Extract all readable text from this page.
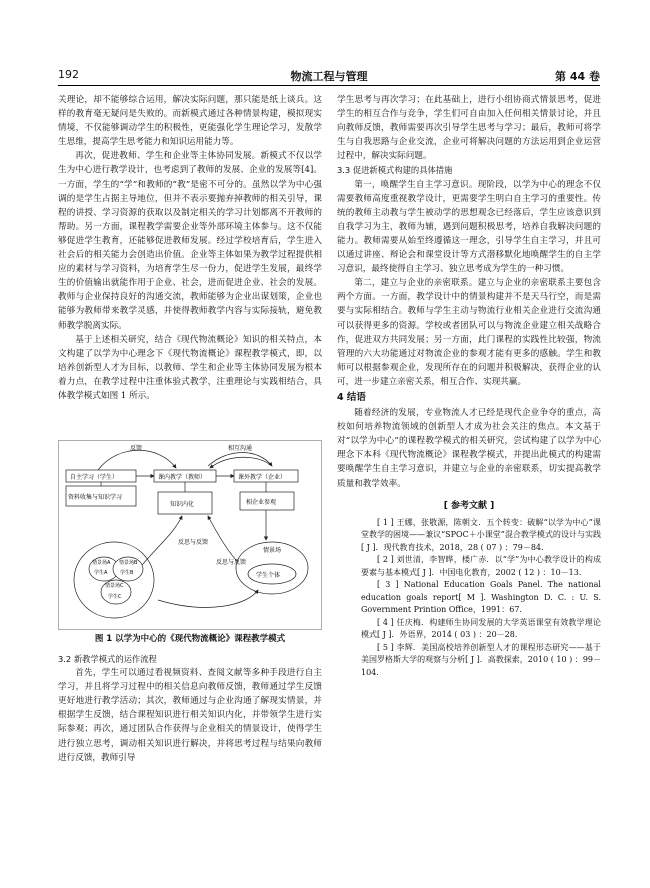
192	物流工程与管理	第 44 卷

关理论，却不能够综合运用，解决实际问题，那只能是纸上谈兵。这样的教育毫无疑问是失败的。而新模式通过各种情景构建，模拟现实情境，不仅能够调动学生的积极性，更能强化学生理论学习，发散学生思维，提高学生思考能力和知识运用能力等。

再次，促进教师、学生和企业等主体协同发展。新模式不仅以学生为中心进行教学设计，也考虑到了教师的发展、企业的发展等[4]。一方面，学生的“学”和教师的“教”是密不可分的。虽然以学为中心强调的是学生占据主导地位，但并不表示要抛弃掉教师的相关引导，课程的讲授、学习资源的获取以及制定相关的学习计划都离不开教师的帮助。另一方面，课程教学需要企业等外部环境主体参与。这不仅能够促进学生教育，还能够促进教师发展。经过学校培育后，学生进入社会后的相关能力会创造出价值。企业等主体如果为教学过程提供相应的素材与学习资料，为培育学生尽一份力，促进学生发展，最终学生的价值输出就能作用于企业、社会，进而促进企业、社会的发展。教师与企业保持良好的沟通交流，教师能够为企业出谋划策，企业也能够为教师带来教学灵感，并使得教师教学内容与实际接轨，避免教师教学脱离实际。

基于上述相关研究，结合《现代物流概论》知识的相关特点，本文构建了以学为中心理念下《现代物流概论》课程教学模式，即，以培养创新型人才为目标，以教师、学生和企业等主体协同发展为根本着力点，在教学过程中注重体验式教学，注重理论与实践相结合，具体教学模式如图 1 所示。

反馈	相互沟通
自主学习（学生）
资料收集与知识学习
课内教学（教师）
知识内化
课外教学（企业）
相企业参观
反思与反馈
反思与反馈
情景场A 情景场B
情景场C
学生A	学生B
学生C
情景场
学生个体
图 1 以学为中心的《现代物流概论》课程教学模式
3.2 新教学模式的运作流程

首先，学生可以通过看视频资料、查阅文献等多种手段进行自主学习，并且将学习过程中的相关信息向教师反馈，教师通过学生反馈更好地进行教学活动；其次，教师通过与企业沟通了解现实情景，并根据学生反馈，结合课程知识进行相关知识内化，并带领学生进行实际参观；再次，通过团队合作获得与企业相关的情景设计，使得学生进行独立思考，调动相关知识进行解决，并将思考过程与结果向教师进行反馈，教师引导

学生思考与再次学习；在此基础上，进行小组协商式情景思考，促进学生的相互合作与竞争，学生们可自由加入任何相关情景讨论，并且向教师反馈，教师需要再次引导学生思考与学习；最后，教师可将学生与自我思路与企业交流，企业可将解决问题的方法运用到企业运营过程中，解决实际问题。

3.3 促进新模式构建的具体措施

第一，唤醒学生自主学习意识。现阶段，以学为中心的理念不仅需要教师高度重视教学设计，更需要学生明白自主学习的重要性。传统的教师主动教与学生被动学的思想观念已经落后，学生应该意识到自我学习为主，教师为辅，遇到问题积极思考，培养自我解决问题的能力。教师需要从始至终遵循这一理念，引导学生自主学习，并且可以通过讲座、辩论会和课堂设计等方式潜移默化地唤醒学生的自主学习意识，最终使得自主学习、独立思考成为学生的一种习惯。

第二，建立与企业的亲密联系。建立与企业的亲密联系主要包含两个方面。一方面，教学设计中的情景构建并不是天马行空，而是需要与实际相结合。教师与学生主动与物流行业相关企业进行交流沟通可以获得更多的资源。学校或者团队可以与物流企业建立相关战略合作，促进双方共同发展；另一方面，此门课程的实践性比较强，物流管理的六大功能通过对物流企业的参观才能有更多的感触。学生和教师可以根据参观企业，发现所存在的问题并积极解决，获得企业的认可，进一步建立亲密关系，相互合作、实现共赢。

4 结语

随着经济的发展，专业物流人才已经是现代企业争夺的重点，高校如何培养物流领域的创新型人才成为社会关注的焦点。本文基于对“以学为中心”的课程教学模式的相关研究，尝试构建了以学为中心理念下本科《现代物流概论》课程教学模式，并提出此模式的构建需要唤醒学生自主学习意识，并建立与企业的亲密联系，切实提高教学质量和教学效率。

[ 参考文献 ]

[ 1 ] 王娜，张敬源，陈朝文．五个转变：破解“以学为中心”课堂教学的困境——兼议“SPOC＋小课堂”混合教学模式的设计与实践[ J ]．现代教育技术，2018，28 ( 07 ) ：79－84.

[ 2 ] 刘世清，李智晔，楼广赤．以“学”为中心教学设计的构成要素与基本模式[ J ]．中国电化教育，2002 ( 12 ) ：10－13.

[ 3 ] National Education Goals Panel. The national education goals report[ M ]. Washington D. C. : U. S. Government Printion Office，1991：67.

[ 4 ] 任庆梅．构建师生协同发展的大学英语课堂有效教学理论模式[ J ]．外语界，2014 ( 03 ) ：20－28.

[ 5 ] 李辉．美国高校培养创新型人才的课程形态研究——基于美国罗格斯大学的观察与分析[ J ]．高教探索，2010 ( 10 ) ：99－104.
